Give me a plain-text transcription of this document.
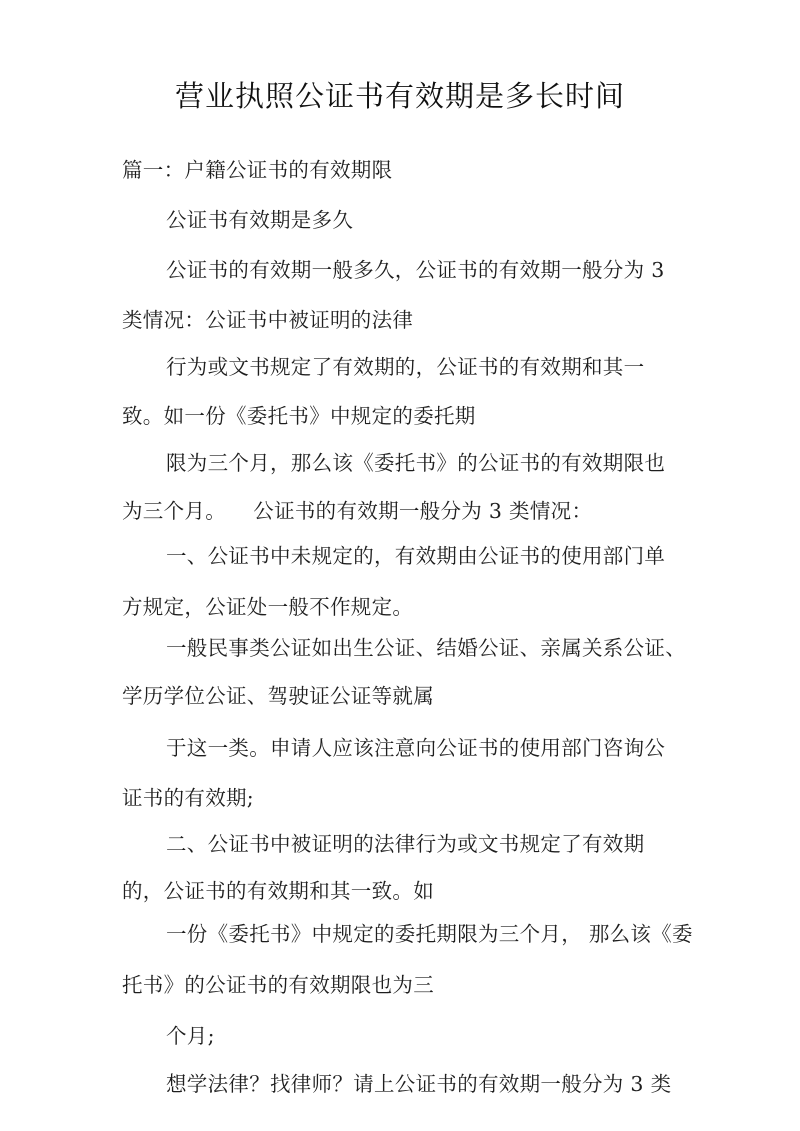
营业执照公证书有效期是多长时间
篇一：户籍公证书的有效期限
公证书有效期是多久
公证书的有效期一般多久，公证书的有效期一般分为 3
类情况：公证书中被证明的法律
行为或文书规定了有效期的，公证书的有效期和其一
致。如一份《委托书》中规定的委托期
限为三个月，那么该《委托书》的公证书的有效期限也
为三个月。    公证书的有效期一般分为 3 类情况：
一、公证书中未规定的，有效期由公证书的使用部门单
方规定，公证处一般不作规定。
一般民事类公证如出生公证、结婚公证、亲属关系公证、
学历学位公证、驾驶证公证等就属
于这一类。申请人应该注意向公证书的使用部门咨询公
证书的有效期;
二、公证书中被证明的法律行为或文书规定了有效期
的，公证书的有效期和其一致。如
一份《委托书》中规定的委托期限为三个月， 那么该《委
托书》的公证书的有效期限也为三
个月;
想学法律？找律师？请上公证书的有效期一般分为 3 类
